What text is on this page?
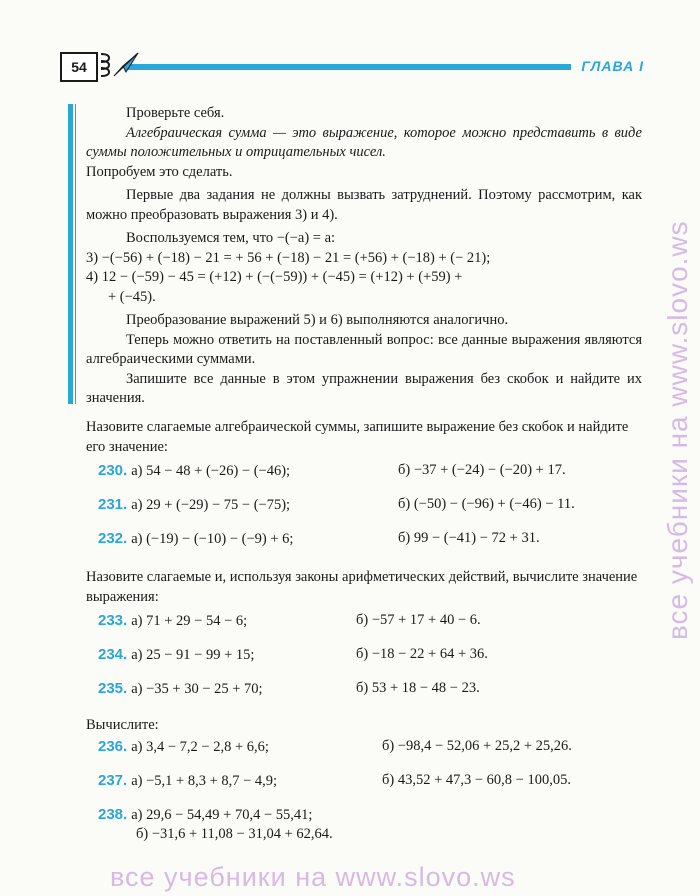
54	ГЛАВА I

Проверьте себя.

Алгебраическая сумма — это выражение, которое можно представить в виде суммы положительных и отрицательных чисел.

Попробуем это сделать.

Первые два задания не должны вызвать затруднений. Поэтому рассмотрим, как можно преобразовать выражения 3) и 4).

Воспользуемся тем, что −(−a) = a:

3) −(−56) + (−18) − 21 = + 56 + (−18) − 21 = (+56) + (−18) + (− 21);

4) 12 − (−59) − 45 = (+12) + (−(−59)) + (−45) = (+12) + (+59) +

+ (−45).

Преобразование выражений 5) и 6) выполняются аналогично.

Теперь можно ответить на поставленный вопрос: все данные выражения являются алгебраическими суммами.

Запишите все данные в этом упражнении выражения без скобок и найдите их значения.

Назовите слагаемые алгебраической суммы, запишите выражение без скобок и найдите его значение:

230. а) 54 − 48 + (−26) − (−46);	б) −37 + (−24) − (−20) + 17.
231. а) 29 + (−29) − 75 − (−75);	б) (−50) − (−96) + (−46) − 11.
232. а) (−19) − (−10) − (−9) + 6;	б) 99 − (−41) − 72 + 31.

Назовите слагаемые и, используя законы арифметических действий, вычислите значение выражения:

233. а) 71 + 29 − 54 − 6;	б) −57 + 17 + 40 − 6.
234. а) 25 − 91 − 99 + 15;	б) −18 − 22 + 64 + 36.
235. а) −35 + 30 − 25 + 70;	б) 53 + 18 − 48 − 23.

Вычислите:

236. а) 3,4 − 7,2 − 2,8 + 6,6;	б) −98,4 − 52,06 + 25,2 + 25,26.
237. а) −5,1 + 8,3 + 8,7 − 4,9;	б) 43,52 + 47,3 − 60,8 − 100,05.
238. а) 29,6 − 54,49 + 70,4 − 55,41;
б) −31,6 + 11,08 − 31,04 + 62,64.
все учебники на www.slovo.ws
все учебники на www.slovo.ws
